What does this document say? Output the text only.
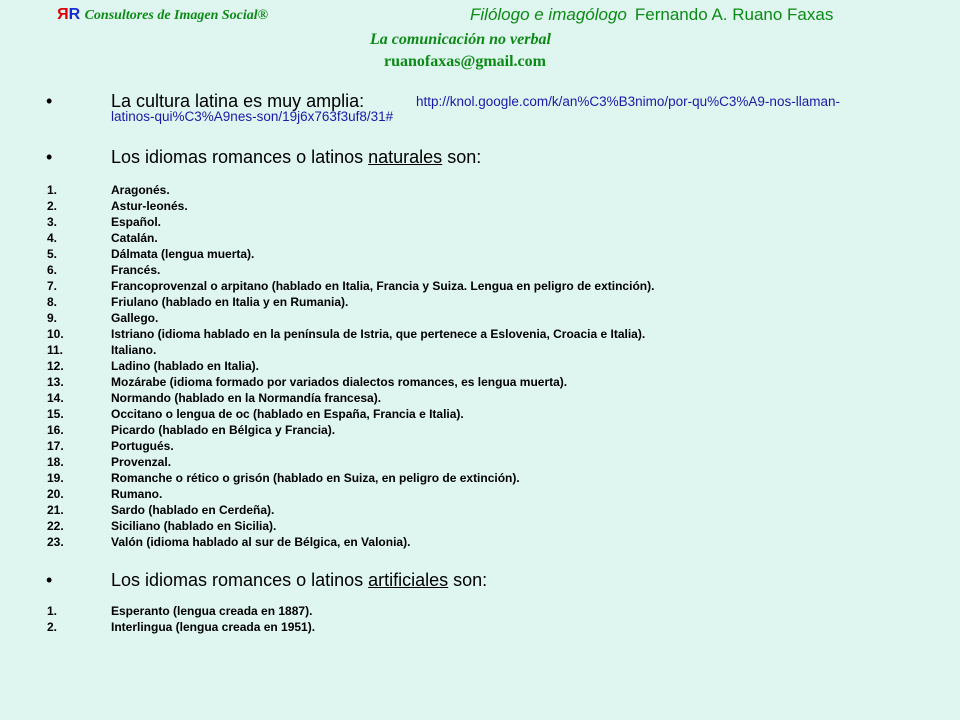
RR Consultores de Imagen Social®	Filólogo e imagólogo Fernando A. Ruano Faxas
La comunicación no verbal
ruanofaxas@gmail.com
•	La cultura latina es muy amplia:	http://knol.google.com/k/an%C3%B3nimo/por-qu%C3%A9-nos-llaman-
latinos-qui%C3%A9nes-son/19j6x763f3uf8/31#
•	Los idiomas romances o latinos naturales son:
1.	Aragonés.
2.	Astur-leonés.
3.	Español.
4.	Catalán.
5.	Dálmata (lengua muerta).
6.	Francés.
7.	Francoprovenzal o arpitano (hablado en Italia, Francia y Suiza. Lengua en peligro de extinción).
8.	Friulano (hablado en Italia y en Rumania).
9.	Gallego.
10.	Istriano (idioma hablado en la península de Istria, que pertenece a Eslovenia, Croacia e Italia).
11.	Italiano.
12.	Ladino (hablado en Italia).
13.	Mozárabe (idioma formado por variados dialectos romances, es lengua muerta).
14.	Normando (hablado en la Normandía francesa).
15.	Occitano o lengua de oc (hablado en España, Francia e Italia).
16.	Picardo (hablado en Bélgica y Francia).
17.	Portugués.
18.	Provenzal.
19.	Romanche o rético o grisón (hablado en Suiza, en peligro de extinción).
20.	Rumano.
21.	Sardo (hablado en Cerdeña).
22.	Siciliano (hablado en Sicilia).
23.	Valón (idioma hablado al sur de Bélgica, en Valonia).
•	Los idiomas romances o latinos artificiales son:
1.	Esperanto (lengua creada en 1887).
2.	Interlingua (lengua creada en 1951).
